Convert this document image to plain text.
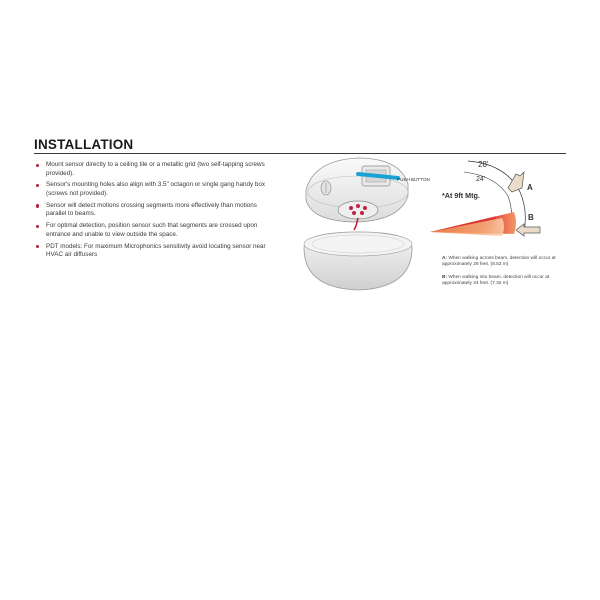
INSTALLATION
Mount sensor directly to a ceiling tile or a metallic grid (two self-tapping screws provided).
Sensor's mounting holes also align with 3.5" octagon or single gang handy box (screws not provided).
Sensor will detect motions crossing segments more effectively than motions parallel to beams.
For optimal detection, position sensor such that segments are crossed upon entrance and unable to view outside the space.
PDT models: For maximum Microphonics sensitivity avoid locating sensor near HVAC air diffusers
PUSH BUTTON
28'
24'
*At 9ft Mtg.
A
B
A: When walking across beam, detection will occur at approximately 28 feet. (8.53 m)
B: When walking into beam, detection will occur at approximately 24 feet. (7.32 m)
